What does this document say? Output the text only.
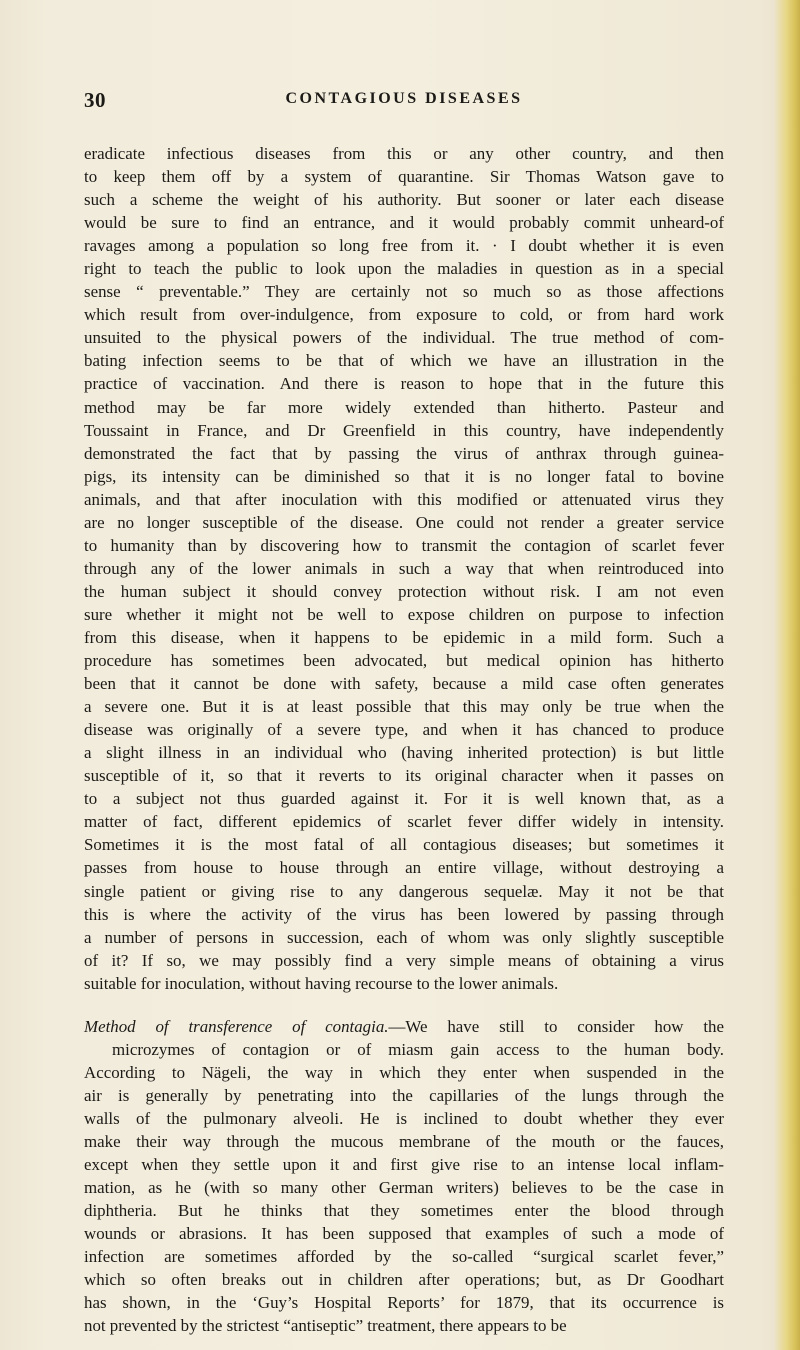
30	CONTAGIOUS DISEASES
eradicate infectious diseases from this or any other country, and then
to keep them off by a system of quarantine. Sir Thomas Watson gave to
such a scheme the weight of his authority. But sooner or later each disease
would be sure to find an entrance, and it would probably commit unheard-of
ravages among a population so long free from it. · I doubt whether it is even
right to teach the public to look upon the maladies in question as in a special
sense “ preventable.” They are certainly not so much so as those affections
which result from over-indulgence, from exposure to cold, or from hard work
unsuited to the physical powers of the individual. The true method of com-
bating infection seems to be that of which we have an illustration in the
practice of vaccination. And there is reason to hope that in the future this
method may be far more widely extended than hitherto. Pasteur and
Toussaint in France, and Dr Greenfield in this country, have independently
demonstrated the fact that by passing the virus of anthrax through guinea-
pigs, its intensity can be diminished so that it is no longer fatal to bovine
animals, and that after inoculation with this modified or attenuated virus they
are no longer susceptible of the disease. One could not render a greater service
to humanity than by discovering how to transmit the contagion of scarlet fever
through any of the lower animals in such a way that when reintroduced into
the human subject it should convey protection without risk. I am not even
sure whether it might not be well to expose children on purpose to infection
from this disease, when it happens to be epidemic in a mild form. Such a
procedure has sometimes been advocated, but medical opinion has hitherto
been that it cannot be done with safety, because a mild case often generates
a severe one. But it is at least possible that this may only be true when the
disease was originally of a severe type, and when it has chanced to produce
a slight illness in an individual who (having inherited protection) is but little
susceptible of it, so that it reverts to its original character when it passes on
to a subject not thus guarded against it. For it is well known that, as a
matter of fact, different epidemics of scarlet fever differ widely in intensity.
Sometimes it is the most fatal of all contagious diseases; but sometimes it
passes from house to house through an entire village, without destroying a
single patient or giving rise to any dangerous sequelæ. May it not be that
this is where the activity of the virus has been lowered by passing through
a number of persons in succession, each of whom was only slightly susceptible
of it? If so, we may possibly find a very simple means of obtaining a virus
suitable for inoculation, without having recourse to the lower animals.
Method of transference of contagia.—We have still to consider how the
microzymes of contagion or of miasm gain access to the human body.
According to Nägeli, the way in which they enter when suspended in the
air is generally by penetrating into the capillaries of the lungs through the
walls of the pulmonary alveoli. He is inclined to doubt whether they ever
make their way through the mucous membrane of the mouth or the fauces,
except when they settle upon it and first give rise to an intense local inflam-
mation, as he (with so many other German writers) believes to be the case in
diphtheria. But he thinks that they sometimes enter the blood through
wounds or abrasions. It has been supposed that examples of such a mode of
infection are sometimes afforded by the so-called “surgical scarlet fever,”
which so often breaks out in children after operations; but, as Dr Goodhart
has shown, in the ‘Guy’s Hospital Reports’ for 1879, that its occurrence is
not prevented by the strictest “antiseptic” treatment, there appears to be
